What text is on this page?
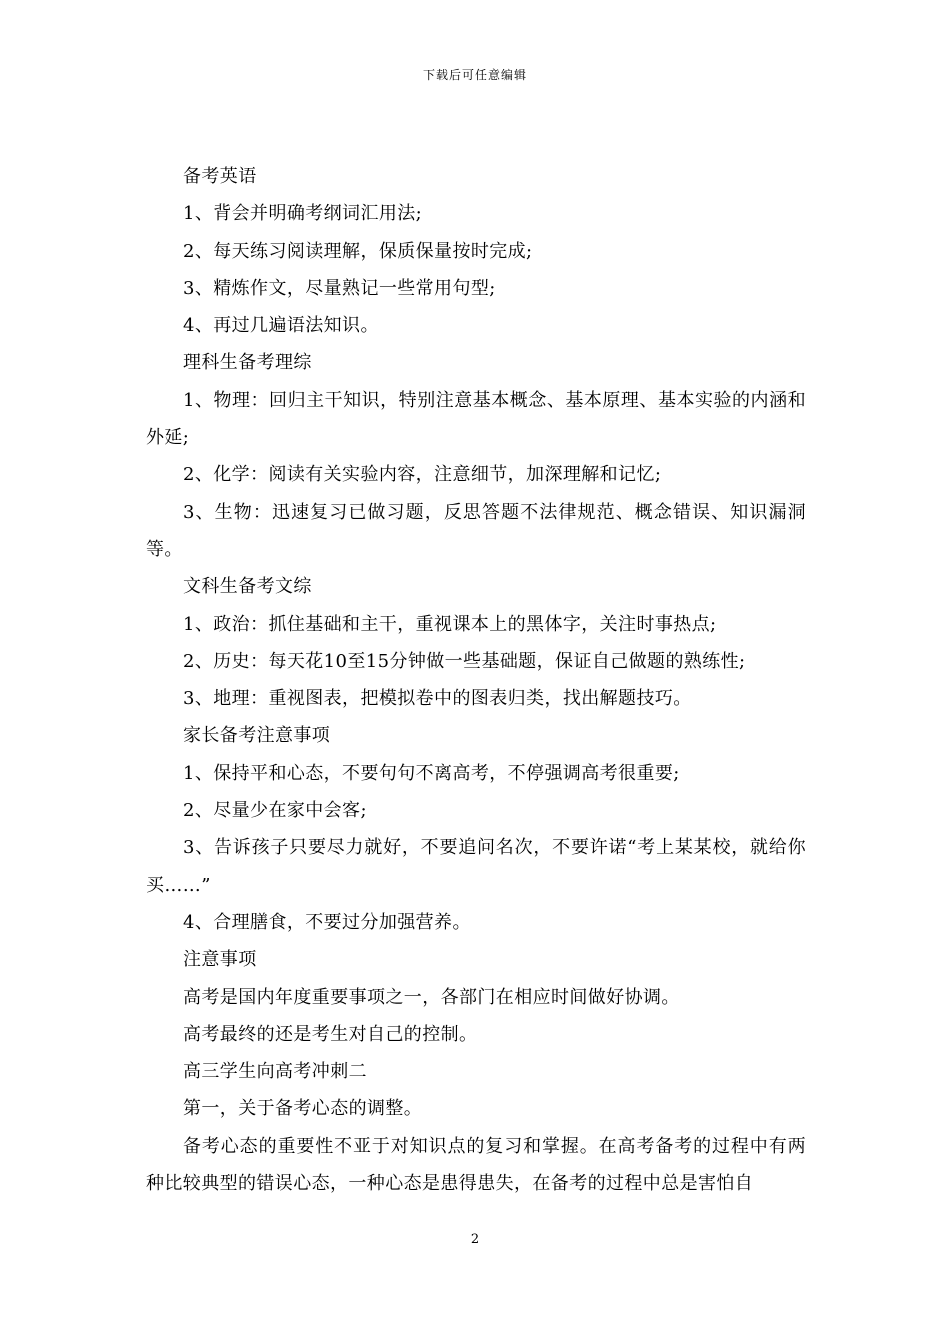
下载后可任意编辑

备考英语

1、背会并明确考纲词汇用法;

2、每天练习阅读理解，保质保量按时完成;

3、精炼作文，尽量熟记一些常用句型;

4、再过几遍语法知识。

理科生备考理综

1、物理：回归主干知识，特别注意基本概念、基本原理、基本实验的内涵和外延;

2、化学：阅读有关实验内容，注意细节，加深理解和记忆;

3、生物：迅速复习已做习题，反思答题不法律规范、概念错误、知识漏洞等。

文科生备考文综

1、政治：抓住基础和主干，重视课本上的黑体字，关注时事热点;

2、历史：每天花10至15分钟做一些基础题，保证自己做题的熟练性;

3、地理：重视图表，把模拟卷中的图表归类，找出解题技巧。

家长备考注意事项

1、保持平和心态，不要句句不离高考，不停强调高考很重要;

2、尽量少在家中会客;

3、告诉孩子只要尽力就好，不要追问名次，不要许诺“考上某某校，就给你买……”

4、合理膳食，不要过分加强营养。

注意事项

高考是国内年度重要事项之一，各部门在相应时间做好协调。

高考最终的还是考生对自己的控制。

高三学生向高考冲刺二

第一，关于备考心态的调整。

备考心态的重要性不亚于对知识点的复习和掌握。在高考备考的过程中有两种比较典型的错误心态，一种心态是患得患失，在备考的过程中总是害怕自

2
